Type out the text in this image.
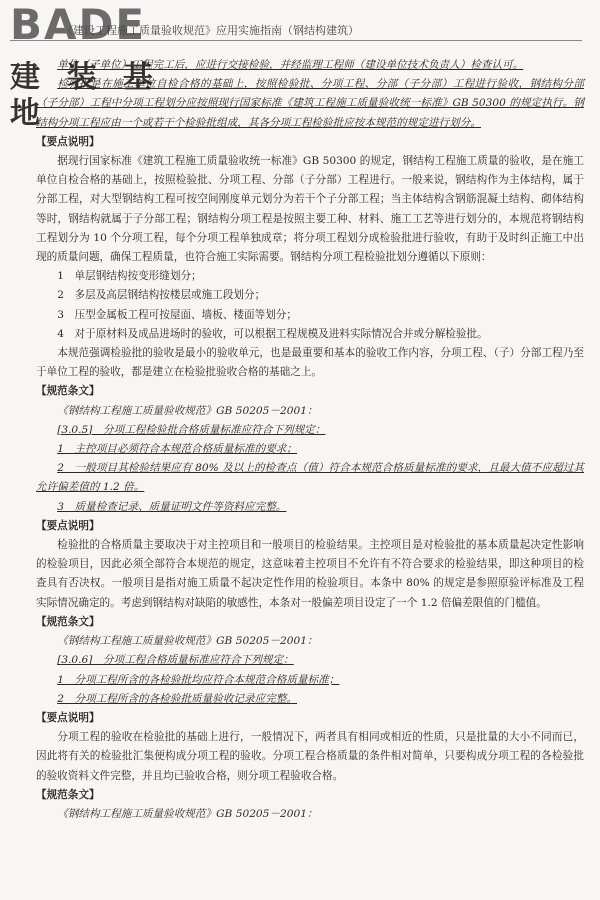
BADE
建 装 基 地
《建设工程施工质量验收规范》应用实施指南（钢结构建筑）

单位（子单位）工程完工后，应进行交接检验，并经监理工程师（建设单位技术负责人）检查认可。

检验批是在施工单位自检合格的基础上，按照检验批、分项工程、分部（子分部）工程进行验收，钢结构分部（子分部）工程中分项工程划分应按照现行国家标准《建筑工程施工质量验收统一标准》GB 50300 的规定执行。钢结构分项工程应由一个或若干个检验批组成，其各分项工程检验批应按本规范的规定进行划分。

【要点说明】

据现行国家标准《建筑工程施工质量验收统一标准》GB 50300 的规定，钢结构工程施工质量的验收，是在施工单位自检合格的基础上，按照检验批、分项工程、分部（子分部）工程进行。一般来说，钢结构作为主体结构，属于分部工程，对大型钢结构工程可按空间刚度单元划分为若干个子分部工程；当主体结构含钢筋混凝土结构、砌体结构等时，钢结构就属于子分部工程；钢结构分项工程是按照主要工种、材料、施工工艺等进行划分的，本规范将钢结构工程划分为 10 个分项工程，每个分项工程单独成章；将分项工程划分成检验批进行验收，有助于及时纠正施工中出现的质量问题，确保工程质量，也符合施工实际需要。钢结构分项工程检验批划分遵循以下原则：

1　单层钢结构按变形缝划分；

2　多层及高层钢结构按楼层或施工段划分；

3　压型金属板工程可按屋面、墙板、楼面等划分；

4　对于原材料及成品进场时的验收，可以根据工程规模及进料实际情况合并或分解检验批。

本规范强调检验批的验收是最小的验收单元，也是最重要和基本的验收工作内容，分项工程、（子）分部工程乃至于单位工程的验收，都是建立在检验批验收合格的基础之上。

【规范条文】

《钢结构工程施工质量验收规范》GB 50205－2001：

[3.0.5]　分项工程检验批合格质量标准应符合下列规定：

1　主控项目必须符合本规范合格质量标准的要求；

2　一般项目其检验结果应有 80% 及以上的检查点（值）符合本规范合格质量标准的要求，且最大值不应超过其允许偏差值的 1.2 倍。

3　质量检查记录、质量证明文件等资料应完整。

【要点说明】

检验批的合格质量主要取决于对主控项目和一般项目的检验结果。主控项目是对检验批的基本质量起决定性影响的检验项目，因此必须全部符合本规范的规定，这意味着主控项目不允许有不符合要求的检验结果，即这种项目的检查具有否决权。一般项目是指对施工质量不起决定性作用的检验项目。本条中 80% 的规定是参照原验评标准及工程实际情况确定的。考虑到钢结构对缺陷的敏感性，本条对一般偏差项目设定了一个 1.2 倍偏差限值的门槛值。

【规范条文】

《钢结构工程施工质量验收规范》GB 50205－2001：

[3.0.6]　分项工程合格质量标准应符合下列规定：

1　分项工程所含的各检验批均应符合本规范合格质量标准；

2　分项工程所含的各检验批质量验收记录应完整。

【要点说明】

分项工程的验收在检验批的基础上进行，一般情况下，两者具有相同或相近的性质，只是批量的大小不同而已，因此将有关的检验批汇集便构成分项工程的验收。分项工程合格质量的条件相对简单，只要构成分项工程的各检验批的验收资料文件完整，并且均已验收合格，则分项工程验收合格。

【规范条文】

《钢结构工程施工质量验收规范》GB 50205－2001：
